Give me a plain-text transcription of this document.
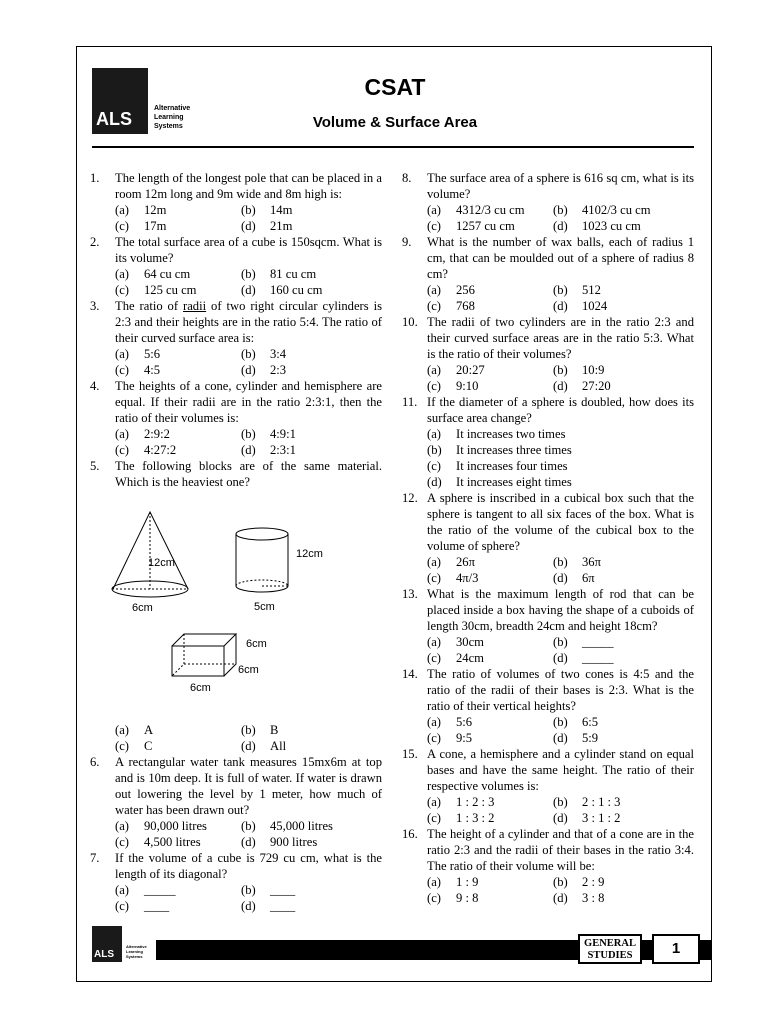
ALS
Alternative
Learning
Systems
CSAT
Volume & Surface Area
1. The length of the longest pole that can be placed in a room 12m long and 9m wide and 8m high is:
(a)	12m	(b)	14m
(c)	17m	(d)	21m
2. The total surface area of a cube is 150sqcm. What is its volume?
(a)	64 cu cm	(b)	81 cu cm
(c)	125 cu cm	(d)	160 cu cm
3. The ratio of radii of two right circular cylinders is 2:3 and their heights are in the ratio 5:4. The ratio of their curved surface area is:
(a)	5:6	(b)	3:4
(c)	4:5	(d)	2:3
4. The heights of a cone, cylinder and hemisphere are equal. If their radii are in the ratio 2:3:1, then the ratio of their volumes is:
(a)	2:9:2	(b)	4:9:1
(c)	4:27:2	(d)	2:3:1
5. The following blocks are of the same material. Which is the heaviest one?
12cm
6cm
12cm
5cm
6cm
6cm
6cm
(a)	A	(b)	B
(c)	C	(d)	All
6. A rectangular water tank measures 15mx6m at top and is 10m deep. It is full of water. If water is drawn out lowering the level by 1 meter, how much of water has been drawn out?
(a)	90,000 litres	(b)	45,000 litres
(c)	4,500 litres	(d)	900 litres
7. If the volume of a cube is 729 cu cm, what is the length of its diagonal?
(a)	_____	(b)	____
(c)	____	(d)	____
8. The surface area of a sphere is 616 sq cm, what is its volume?
(a)	4312/3 cu cm (b)	4102/3 cu cm
(c)	1257 cu cm	(d)	1023 cu cm
9. What is the number of wax balls, each of radius 1 cm, that can be moulded out of a sphere of radius 8 cm?
(a)	256	(b)	512
(c)	768	(d)	1024
10. The radii of two cylinders are in the ratio 2:3 and their curved surface areas are in the ratio 5:3. What is the ratio of their volumes?
(a)	20:27	(b)	10:9
(c)	9:10	(d)	27:20
11. If the diameter of a sphere is doubled, how does its surface area change?
(a)	It increases two times
(b)	It increases three times
(c)	It increases four times
(d)	It increases eight times
12. A sphere is inscribed in a cubical box such that the sphere is tangent to all six faces of the box. What is the ratio of the volume of the cubical box to the volume of sphere?
(a)	26π	(b)	36π
(c)	4π/3	(d)	6π
13. What is the maximum length of rod that can be placed inside a box having the shape of a cuboids of length 30cm, breadth 24cm and height 18cm?
(a)	30cm	(b)	_____
(c)	24cm	(d)	_____
14. The ratio of volumes of two cones is 4:5 and the ratio of the radii of their bases is 2:3. What is the ratio of their vertical heights?
(a)	5:6	(b)	6:5
(c)	9:5	(d)	5:9
15. A cone, a hemisphere and a cylinder stand on equal bases and have the same height. The ratio of their respective volumes is:
(a)	1 : 2 : 3	(b)	2 : 1 : 3
(c)	1 : 3 : 2	(d)	3 : 1 : 2
16. The height of a cylinder and that of a cone are in the ratio 2:3 and the radii of their bases in the ratio 3:4. The ratio of their volume will be:
(a)	1 : 9	(b)	2 : 9
(c)	9 : 8	(d)	3 : 8
ALS
Alternative
Learning
Systems
GENERAL
STUDIES	1
